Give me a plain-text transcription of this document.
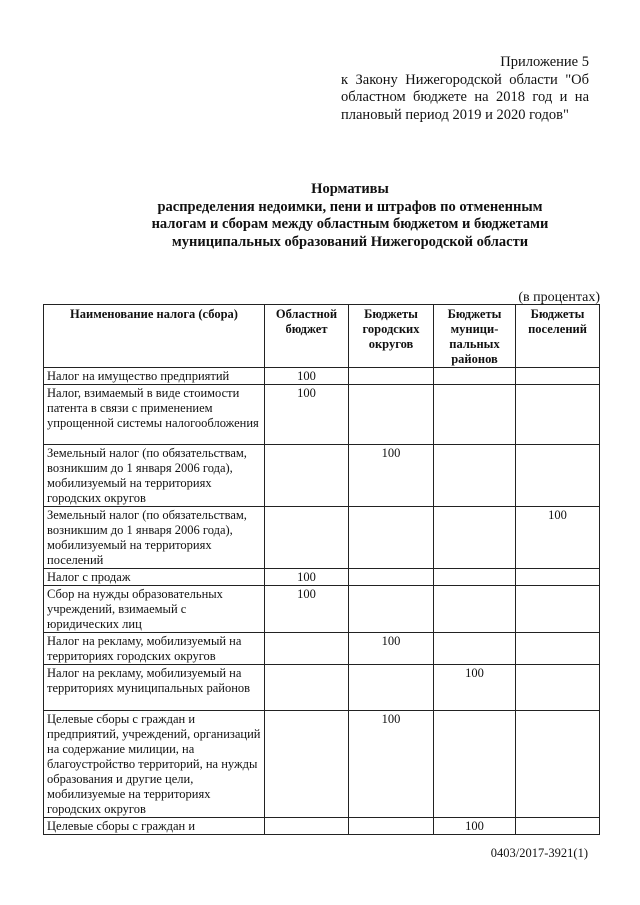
Приложение 5
к Закону Нижегородской области "Об областном бюджете на 2018 год и на плановый период 2019 и 2020 годов"
Нормативы
распределения недоимки, пени и штрафов по отмененным
налогам и сборам между областным бюджетом и бюджетами
муниципальных образований Нижегородской области
(в процентах)
Наименование налога (сбора)	Областной бюджет	Бюджеты городских округов	Бюджеты муници-пальных районов	Бюджеты поселений
Налог на имущество предприятий	100			
Налог, взимаемый в виде стоимости патента в связи с применением упрощенной системы налогообложения	100			
Земельный налог (по обязательствам, возникшим до 1 января 2006 года), мобилизуемый на территориях городских округов		100		
Земельный налог (по обязательствам, возникшим до 1 января 2006 года), мобилизуемый на территориях поселений				100
Налог с продаж	100			
Сбор на нужды образовательных учреждений, взимаемый с юридических лиц	100			
Налог на рекламу, мобилизуемый на территориях городских округов		100		
Налог на рекламу, мобилизуемый на территориях муниципальных районов			100	
Целевые сборы с граждан и предприятий, учреждений, организаций на содержание милиции, на благоустройство территорий, на нужды образования и другие цели, мобилизуемые на территориях городских округов		100		
Целевые сборы с граждан и			100	
0403/2017-3921(1)
